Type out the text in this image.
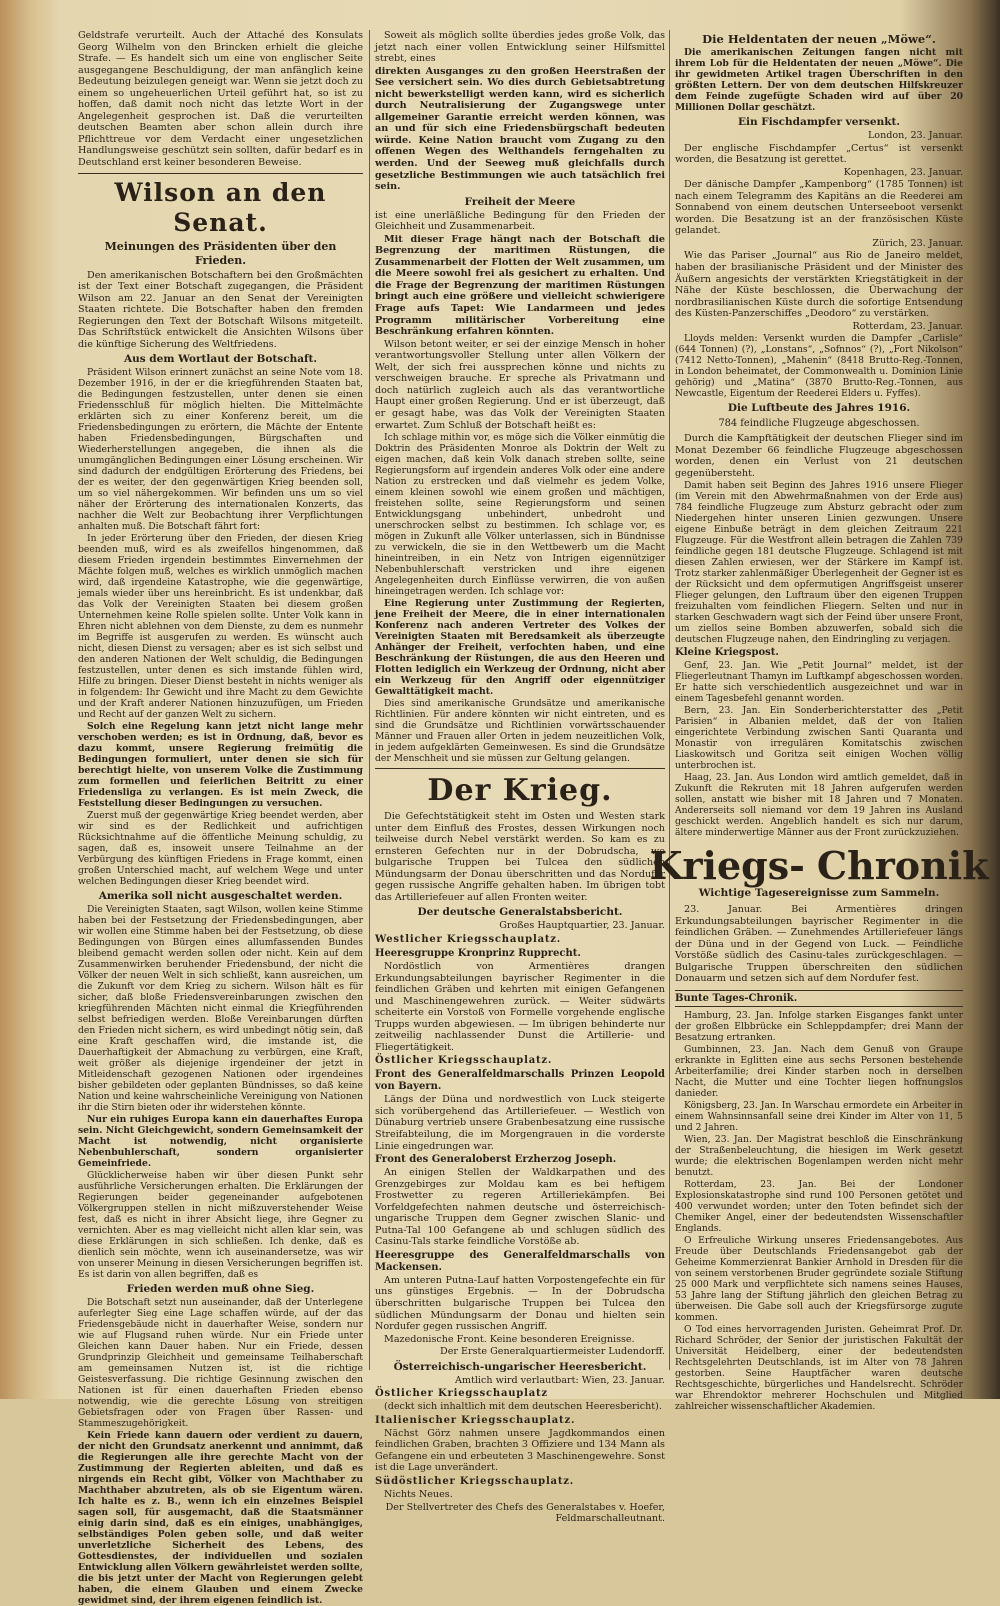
Geldstrafe verurteilt. Auch der Attaché des Konsulats Georg Wilhelm von den Brincken erhielt die gleiche Strafe. — Es handelt sich um eine von englischer Seite ausgegangene Beschuldigung, der man anfänglich keine Bedeutung beizulegen geneigt war. Wenn sie jetzt doch zu einem so ungeheuerlichen Urteil geführt hat, so ist zu hoffen, daß damit noch nicht das letzte Wort in der Angelegenheit gesprochen ist. Daß die verurteilten deutschen Beamten aber schon allein durch ihre Pflichttreue vor dem Verdacht einer ungesetzlichen Handlungsweise geschützt sein sollten, dafür bedarf es in Deutschland erst keiner besonderen Beweise.

Wilson an den Senat.
Meinungen des Präsidenten über den Frieden.

Den amerikanischen Botschaftern bei den Großmächten ist der Text einer Botschaft zugegangen, die Präsident Wilson am 22. Januar an den Senat der Vereinigten Staaten richtete. Die Botschafter haben den fremden Regierungen den Text der Botschaft Wilsons mitgeteilt. Das Schriftstück entwickelt die Ansichten Wilsons über die künftige Sicherung des Weltfriedens.

Aus dem Wortlaut der Botschaft.

Präsident Wilson erinnert zunächst an seine Note vom 18. Dezember 1916, in der er die kriegführenden Staaten bat, die Bedingungen festzustellen, unter denen sie einen Friedensschluß für möglich hielten. Die Mittelmächte erklärten sich zu einer Konferenz bereit, um die Friedensbedingungen zu erörtern, die Mächte der Entente haben Friedensbedingungen, Bürgschaften und Wiederherstellungen angegeben, die ihnen als die unumgänglichen Bedingungen einer Lösung erscheinen. Wir sind dadurch der endgültigen Erörterung des Friedens, bei der es weiter, der den gegenwärtigen Krieg beenden soll, um so viel nähergekommen. Wir befinden uns um so viel näher der Erörterung des internationalen Konzerts, das nachher die Welt zur Beobachtung ihrer Verpflichtungen anhalten muß. Die Botschaft fährt fort:

In jeder Erörterung über den Frieden, der diesen Krieg beenden muß, wird es als zweifellos hingenommen, daß diesem Frieden irgendein bestimmtes Einvernehmen der Mächte folgen muß, welches es wirklich unmöglich machen wird, daß irgendeine Katastrophe, wie die gegenwärtige, jemals wieder über uns hereinbricht. Es ist undenkbar, daß das Volk der Vereinigten Staaten bei diesem großen Unternehmen keine Rolle spielen sollte. Unter Volk kann in Ehren nicht ablehnen von dem Dienste, zu dem es nunmehr im Begriffe ist ausgerufen zu werden. Es wünscht auch nicht, diesen Dienst zu versagen; aber es ist sich selbst und den anderen Nationen der Welt schuldig, die Bedingungen festzustellen, unter denen es sich imstande fühlen wird, Hilfe zu bringen. Dieser Dienst besteht in nichts weniger als in folgendem: Ihr Gewicht und ihre Macht zu dem Gewichte und der Kraft anderer Nationen hinzuzufügen, um Frieden und Recht auf der ganzen Welt zu sichern.

Solch eine Regelung kann jetzt nicht lange mehr verschoben werden; es ist in Ordnung, daß, bevor es dazu kommt, unsere Regierung freimütig die Bedingungen formuliert, unter denen sie sich für berechtigt hielte, von unserem Volke die Zustimmung zum formellen und feierlichen Beitritt zu einer Friedensliga zu verlangen. Es ist mein Zweck, die Feststellung dieser Bedingungen zu versuchen.

Zuerst muß der gegenwärtige Krieg beendet werden, aber wir sind es der Redlichkeit und aufrichtigen Rücksichtnahme auf die öffentliche Meinung schuldig, zu sagen, daß es, insoweit unsere Teilnahme an der Verbürgung des künftigen Friedens in Frage kommt, einen großen Unterschied macht, auf welchem Wege und unter welchen Bedingungen dieser Krieg beendet wird.

Amerika soll nicht ausgeschaltet werden.

Die Vereinigten Staaten, sagt Wilson, wollen keine Stimme haben bei der Festsetzung der Friedensbedingungen, aber wir wollen eine Stimme haben bei der Festsetzung, ob diese Bedingungen von Bürgen eines allumfassenden Bundes bleibend gemacht werden sollen oder nicht. Kein auf dem Zusammenwirken beruhender Friedensbund, der nicht die Völker der neuen Welt in sich schließt, kann ausreichen, um die Zukunft vor dem Krieg zu sichern. Wilson hält es für sicher, daß bloße Friedensvereinbarungen zwischen den kriegführenden Mächten nicht einmal die Kriegführenden selbst befriedigen werden. Bloße Vereinbarungen dürften den Frieden nicht sichern, es wird unbedingt nötig sein, daß eine Kraft geschaffen wird, die imstande ist, die Dauerhaftigkeit der Abmachung zu verbürgen, eine Kraft, weit größer als diejenige irgendeiner der jetzt in Mitleidenschaft gezogenen Nationen oder irgendeines bisher gebildeten oder geplanten Bündnisses, so daß keine Nation und keine wahrscheinliche Vereinigung von Nationen ihr die Stirn bieten oder ihr widerstehen könnte.

Nur ein ruhiges Europa kann ein dauerhaftes Europa sein. Nicht Gleichgewicht, sondern Gemeinsamkeit der Macht ist notwendig, nicht organisierte Nebenbuhlerschaft, sondern organisierter Gemeinfriede.

Glücklicherweise haben wir über diesen Punkt sehr ausführliche Versicherungen erhalten. Die Erklärungen der Regierungen beider gegeneinander aufgebotenen Völkergruppen stellen in nicht mißzuverstehender Weise fest, daß es nicht in ihrer Absicht liege, ihre Gegner zu vernichten. Aber es mag vielleicht nicht allen klar sein, was diese Erklärungen in sich schließen. Ich denke, daß es dienlich sein möchte, wenn ich auseinandersetze, was wir von unserer Meinung in diesen Versicherungen begriffen ist. Es ist darin von allen begriffen, daß es

Frieden werden muß ohne Sieg.

Die Botschaft setzt nun auseinander, daß der Unterlegene auferlegter Sieg eine Lage schaffen würde, auf der das Friedensgebäude nicht in dauerhafter Weise, sondern nur wie auf Flugsand ruhen würde. Nur ein Friede unter Gleichen kann Dauer haben. Nur ein Friede, dessen Grundprinzip Gleichheit und gemeinsame Teilhaberschaft am gemeinsamen Nutzen ist, ist die richtige Geistesverfassung. Die richtige Gesinnung zwischen den Nationen ist für einen dauerhaften Frieden ebenso notwendig, wie die gerechte Lösung von streitigen Gebietsfragen oder von Fragen über Rassen- und Stammeszugehörigkeit.

Kein Friede kann dauern oder verdient zu dauern, der nicht den Grundsatz anerkennt und annimmt, daß die Regierungen alle ihre gerechte Macht von der Zustimmung der Regierten ableiten, und daß es nirgends ein Recht gibt, Völker von Machthaber zu Machthaber abzutreten, als ob sie Eigentum wären. Ich halte es z. B., wenn ich ein einzelnes Beispiel sagen soll, für ausgemacht, daß die Staatsmänner einig darin sind, daß es ein einiges, unabhängiges, selbständiges Polen geben solle, und daß weiter unverletzliche Sicherheit des Lebens, des Gottesdienstes, der individuellen und sozialen Entwicklung allen Völkern gewährleistet werden sollte, die bis jetzt unter der Macht von Regierungen gelebt haben, die einem Glauben und einem Zwecke gewidmet sind, der ihrem eigenen feindlich ist.

Soweit als möglich sollte überdies jedes große Volk, das jetzt nach einer vollen Entwicklung seiner Hilfsmittel strebt, eines

direkten Ausganges zu den großen Heerstraßen der See versichert sein. Wo dies durch Gebietsabtretung nicht bewerkstelligt werden kann, wird es sicherlich durch Neutralisierung der Zugangswege unter allgemeiner Garantie erreicht werden können, was an und für sich eine Friedensbürgschaft bedeuten würde. Keine Nation braucht vom Zugang zu den offenen Wegen des Welthandels ferngehalten zu werden. Und der Seeweg muß gleichfalls durch gesetzliche Bestimmungen wie auch tatsächlich frei sein.

Freiheit der Meere

ist eine unerläßliche Bedingung für den Frieden der Gleichheit und Zusammenarbeit.

Mit dieser Frage hängt nach der Botschaft die Begrenzung der maritimen Rüstungen, die Zusammenarbeit der Flotten der Welt zusammen, um die Meere sowohl frei als gesichert zu erhalten. Und die Frage der Begrenzung der maritimen Rüstungen bringt auch eine größere und vielleicht schwierigere Frage aufs Tapet: Wie Landarmeen und jedes Programm militärischer Vorbereitung eine Beschränkung erfahren könnten.

Wilson betont weiter, er sei der einzige Mensch in hoher verantwortungsvoller Stellung unter allen Völkern der Welt, der sich frei aussprechen könne und nichts zu verschweigen brauche. Er spreche als Privatmann und doch natürlich zugleich auch als das verantwortliche Haupt einer großen Regierung. Und er ist überzeugt, daß er gesagt habe, was das Volk der Vereinigten Staaten erwartet. Zum Schluß der Botschaft heißt es:

Ich schlage mithin vor, es möge sich die Völker einmütig die Doktrin des Präsidenten Monroe als Doktrin der Welt zu eigen machen, daß kein Volk danach streben sollte, seine Regierungsform auf irgendein anderes Volk oder eine andere Nation zu erstrecken und daß vielmehr es jedem Volke, einem kleinen sowohl wie einem großen und mächtigen, freistehen sollte, seine Regierungsform und seinen Entwicklungsgang unbehindert, unbedroht und unerschrocken selbst zu bestimmen. Ich schlage vor, es mögen in Zukunft alle Völker unterlassen, sich in Bündnisse zu verwickeln, die sie in den Wettbewerb um die Macht hineintreiben, in ein Netz von Intrigen eigennütziger Nebenbuhlerschaft verstricken und ihre eigenen Angelegenheiten durch Einflüsse verwirren, die von außen hineingetragen werden. Ich schlage vor:

Eine Regierung unter Zustimmung der Regierten, jene Freiheit der Meere, die in einer internationalen Konferenz nach anderen Vertreter des Volkes der Vereinigten Staaten mit Beredsamkeit als überzeugte Anhänger der Freiheit, verfochten haben, und eine Beschränkung der Rüstungen, die aus den Heeren und Flotten lediglich ein Werkzeug der Ordnung, nicht aber ein Werkzeug für den Angriff oder eigennütziger Gewalttätigkeit macht.

Dies sind amerikanische Grundsätze und amerikanische Richtlinien. Für andere könnten wir nicht eintreten, und es sind die Grundsätze und Richtlinien vorwärtsschauender Männer und Frauen aller Orten in jedem neuzeitlichen Volk, in jedem aufgeklärten Gemeinwesen. Es sind die Grundsätze der Menschheit und sie müssen zur Geltung gelangen.

Der Krieg.

Die Gefechtstätigkeit steht im Osten und Westen stark unter dem Einfluß des Frostes, dessen Wirkungen noch teilweise durch Nebel verstärkt werden. So kam es zu ernsteren Gefechten nur in der Dobrudscha, wo bulgarische Truppen bei Tulcea den südlichen Mündungsarm der Donau überschritten und das Nordufer gegen russische Angriffe gehalten haben. Im übrigen tobt das Artilleriefeuer auf allen Fronten weiter.

Der deutsche Generalstabsbericht.
Großes Hauptquartier, 23. Januar.
Westlicher Kriegsschauplatz.
Heeresgruppe Kronprinz Rupprecht.

Nordöstlich von Armentières drangen Erkundungsabteilungen bayrischer Regimenter in die feindlichen Gräben und kehrten mit einigen Gefangenen und Maschinengewehren zurück. — Weiter südwärts scheiterte ein Vorstoß von Formelle vorgehende englische Trupps wurden abgewiesen. — Im übrigen behinderte nur zeitweilig nachlassender Dunst die Artillerie- und Fliegertätigkeit.

Östlicher Kriegsschauplatz.
Front des Generalfeldmarschalls Prinzen Leopold von Bayern.

Längs der Düna und nordwestlich von Luck steigerte sich vorübergehend das Artilleriefeuer. — Westlich von Dünaburg vertrieb unsere Grabenbesatzung eine russische Streifabteilung, die im Morgengrauen in die vorderste Linie eingedrungen war.

Front des Generaloberst Erzherzog Joseph.

An einigen Stellen der Waldkarpathen und des Grenzgebirges zur Moldau kam es bei heftigem Frostwetter zu regeren Artilleriekämpfen. Bei Vorfeldgefechten nahmen deutsche und österreichisch-ungarische Truppen dem Gegner zwischen Slanic- und Putna-Tal 100 Gefangene ab und schlugen südlich des Casinu-Tals starke feindliche Vorstöße ab.

Heeresgruppe des Generalfeldmarschalls von Mackensen.

Am unteren Putna-Lauf hatten Vorpostengefechte ein für uns günstiges Ergebnis. — In der Dobrudscha überschritten bulgarische Truppen bei Tulcea den südlichen Mündungsarm der Donau und hielten sein Nordufer gegen russischen Angriff.

Mazedonische Front. Keine besonderen Ereignisse.

Der Erste Generalquartiermeister Ludendorff.
Österreichisch-ungarischer Heeresbericht.
Amtlich wird verlautbart: Wien, 23. Januar.
Östlicher Kriegsschauplatz

(deckt sich inhaltlich mit dem deutschen Heeresbericht).

Italienischer Kriegsschauplatz.

Nächst Görz nahmen unsere Jagdkommandos einen feindlichen Graben, brachten 3 Offiziere und 134 Mann als Gefangene ein und erbeuteten 3 Maschinengewehre. Sonst ist die Lage unverändert.

Südöstlicher Kriegsschauplatz.

Nichts Neues.

Der Stellvertreter des Chefs des Generalstabes v. Hoefer, Feldmarschalleutnant.
Die Heldentaten der neuen „Möwe“.

Die amerikanischen Zeitungen fangen nicht mit ihrem Lob für die Heldentaten der neuen „Möwe“. Die ihr gewidmeten Artikel tragen Überschriften in den größten Lettern. Der von dem deutschen Hilfskreuzer dem Feinde zugefügte Schaden wird auf über 20 Millionen Dollar geschätzt.

Ein Fischdampfer versenkt.
London, 23. Januar.

Der englische Fischdampfer „Certus“ ist versenkt worden, die Besatzung ist gerettet.

Kopenhagen, 23. Januar.

Der dänische Dampfer „Kampenborg“ (1785 Tonnen) ist nach einem Telegramm des Kapitäns an die Reederei am Sonnabend von einem deutschen Unterseeboot versenkt worden. Die Besatzung ist an der französischen Küste gelandet.

Zürich, 23. Januar.

Wie das Pariser „Journal“ aus Rio de Janeiro meldet, haben der brasilianische Präsident und der Minister des Äußern angesichts der verstärkten Kriegstätigkeit in der Nähe der Küste beschlossen, die Überwachung der nordbrasilianischen Küste durch die sofortige Entsendung des Küsten-Panzerschiffes „Deodoro“ zu verstärken.

Rotterdam, 23. Januar.

Lloyds melden: Versenkt wurden die Dampfer „Carlisle“ (644 Tonnen) (?), „Lonstans“, „Sofnnos“ (?), „Fort Nikolson“ (7412 Netto-Tonnen), „Mahenin“ (8418 Brutto-Reg.-Tonnen, in London beheimatet, der Commonwealth u. Dominion Linie gehörig) und „Matina“ (3870 Brutto-Reg.-Tonnen, aus Newcastle, Eigentum der Reederei Elders u. Fyffes).

Die Luftbeute des Jahres 1916.
784 feindliche Flugzeuge abgeschossen.

Durch die Kampftätigkeit der deutschen Flieger sind im Monat Dezember 66 feindliche Flugzeuge abgeschossen worden, denen ein Verlust von 21 deutschen gegenübersteht.

Damit haben seit Beginn des Jahres 1916 unsere Flieger (im Verein mit den Abwehrmaßnahmen von der Erde aus) 784 feindliche Flugzeuge zum Absturz gebracht oder zum Niedergehen hinter unseren Linien gezwungen. Unsere eigene Einbuße beträgt in dem gleichen Zeitraum 221 Flugzeuge. Für die Westfront allein betragen die Zahlen 739 feindliche gegen 181 deutsche Flugzeuge. Schlagend ist mit diesen Zahlen erwiesen, wer der Stärkere im Kampf ist. Trotz starker zahlenmäßiger Überlegenheit der Gegner ist es der Rücksicht und dem opfermutigen Angriffsgeist unserer Flieger gelungen, den Luftraum über den eigenen Truppen freizuhalten vom feindlichen Fliegern. Selten und nur in starken Geschwadern wagt sich der Feind über unsere Front, um ziellos seine Bomben abzuwerfen, sobald sich die deutschen Flugzeuge nahen, den Eindringling zu verjagen.

Kleine Kriegspost.

Genf, 23. Jan. Wie „Petit Journal“ meldet, ist der Fliegerleutnant Thamyn im Luftkampf abgeschossen worden. Er hatte sich verschiedentlich ausgezeichnet und war in einem Tagesbefehl genannt worden.

Bern, 23. Jan. Ein Sonderberichterstatter des „Petit Parisien“ in Albanien meldet, daß der von Italien eingerichtete Verbindung zwischen Santi Quaranta und Monastir von irregulären Komitatschis zwischen Liaskowitsch und Goritza seit einigen Wochen völlig unterbrochen ist.

Haag, 23. Jan. Aus London wird amtlich gemeldet, daß in Zukunft die Rekruten mit 18 Jahren aufgerufen werden sollen, anstatt wie bisher mit 18 Jahren und 7 Monaten. Andererseits soll niemand vor dem 19 Jahren ins Ausland geschickt werden. Angeblich handelt es sich nur darum, ältere minderwertige Männer aus der Front zurückzuziehen.

Kriegs- Chronik
Wichtige Tagesereignisse zum Sammeln.

23. Januar. Bei Armentières dringen Erkundungsabteilungen bayrischer Regimenter in die feindlichen Gräben. — Zunehmendes Artilleriefeuer längs der Düna und in der Gegend von Luck. — Feindliche Vorstöße südlich des Casinu-tales zurückgeschlagen. — Bulgarische Truppen überschreiten den südlichen Donauarm und setzen sich auf dem Nordufer fest.

Bunte Tages-Chronik.

Hamburg, 23. Jan. Infolge starken Eisganges fankt unter der großen Elbbrücke ein Schleppdampfer; drei Mann der Besatzung ertranken.

Gumbinnen, 23. Jan. Nach dem Genuß von Graupe erkrankte in Eglitten eine aus sechs Personen bestehende Arbeiterfamilie; drei Kinder starben noch in derselben Nacht, die Mutter und eine Tochter liegen hoffnungslos danieder.

Königsberg, 23. Jan. In Warschau ermordete ein Arbeiter in einem Wahnsinnsanfall seine drei Kinder im Alter von 11, 5 und 2 Jahren.

Wien, 23. Jan. Der Magistrat beschloß die Einschränkung der Straßenbeleuchtung, die hiesigen im Werk gesetzt wurde; die elektrischen Bogenlampen werden nicht mehr benutzt.

Rotterdam, 23. Jan. Bei der Londoner Explosionskatastrophe sind rund 100 Personen getötet und 400 verwundet worden; unter den Toten befindet sich der Chemiker Angel, einer der bedeutendsten Wissenschaftler Englands.

O Erfreuliche Wirkung unseres Friedensangebotes. Aus Freude über Deutschlands Friedensangebot gab der Geheime Kommerzienrat Bankier Arnhold in Dresden für die von seinem verstorbenen Bruder gegründete soziale Stiftung 25 000 Mark und verpflichtete sich namens seines Hauses, 53 Jahre lang der Stiftung jährlich den gleichen Betrag zu überweisen. Die Gabe soll auch der Kriegsfürsorge zugute kommen.

O Tod eines hervorragenden Juristen. Geheimrat Prof. Dr. Richard Schröder, der Senior der juristischen Fakultät der Universität Heidelberg, einer der bedeutendsten Rechtsgelehrten Deutschlands, ist im Alter von 78 Jahren gestorben. Seine Hauptfächer waren deutsche Rechtsgeschichte, bürgerliches und Handelsrecht. Schröder war Ehrendoktor mehrerer Hochschulen und Mitglied zahlreicher wissenschaftlicher Akademien.
